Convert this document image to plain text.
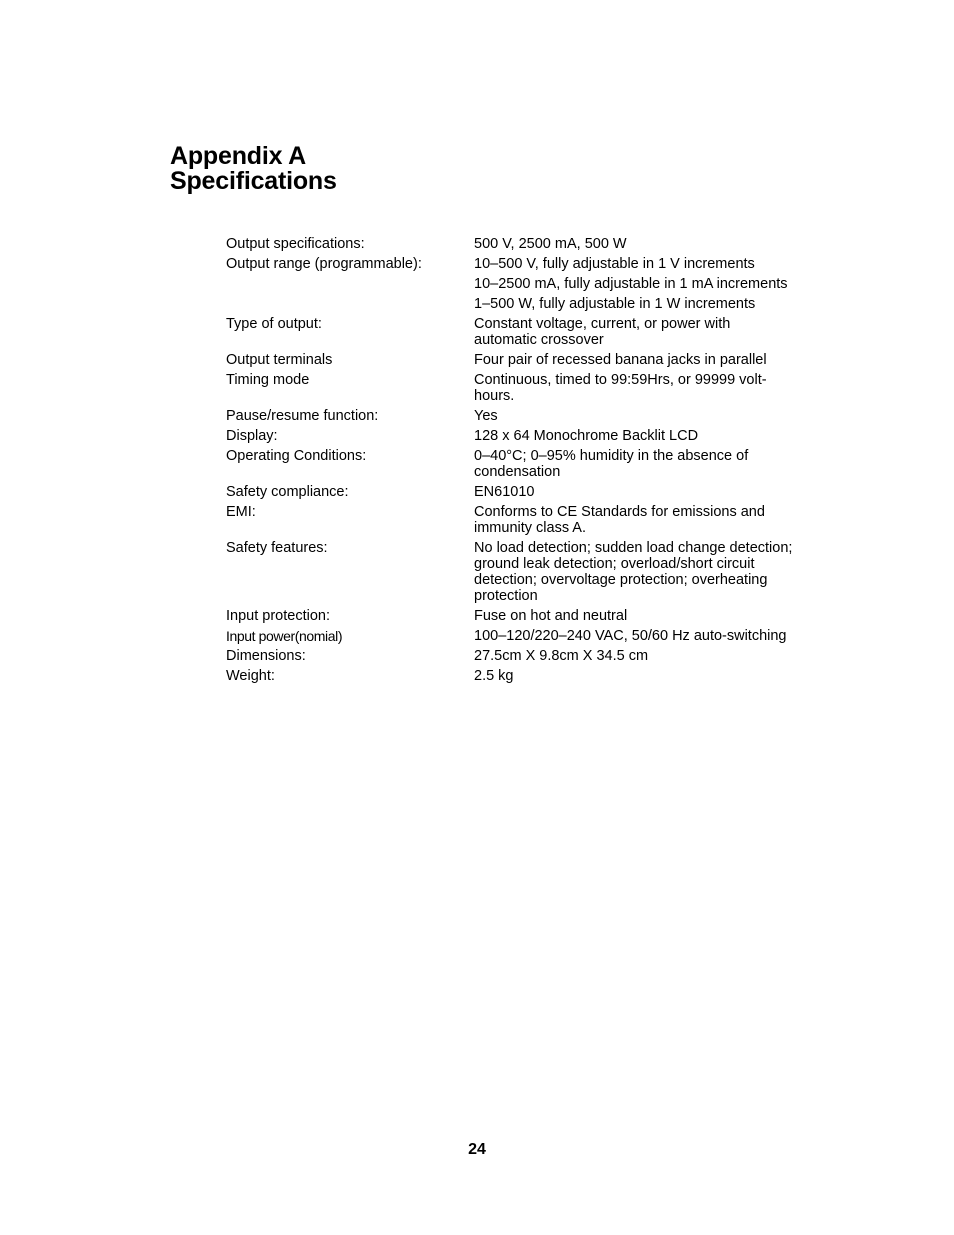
Appendix A
Specifications
Output specifications:	500 V, 2500 mA, 500 W
Output range (programmable):	10–500 V, fully adjustable in 1 V increments
10–2500 mA, fully adjustable in 1 mA increments
1–500 W, fully adjustable in 1 W increments
Type of output:	Constant voltage, current, or power with automatic crossover
Output terminals	Four pair of recessed banana jacks in parallel
Timing mode	Continuous, timed to 99:59Hrs, or 99999 volt-hours.
Pause/resume function:	Yes
Display:	128 x 64 Monochrome Backlit LCD
Operating Conditions:	0–40°C; 0–95% humidity in the absence of condensation
Safety compliance:	EN61010
EMI:	Conforms to CE Standards for emissions and immunity class A.
Safety features:	No load detection; sudden load change detection; ground leak detection; overload/short circuit detection; overvoltage protection; overheating protection
Input protection:	Fuse on hot and neutral
Input power(nomial)	100–120/220–240 VAC, 50/60 Hz auto-switching
Dimensions:	27.5cm X 9.8cm X 34.5 cm
Weight:	2.5 kg
24
